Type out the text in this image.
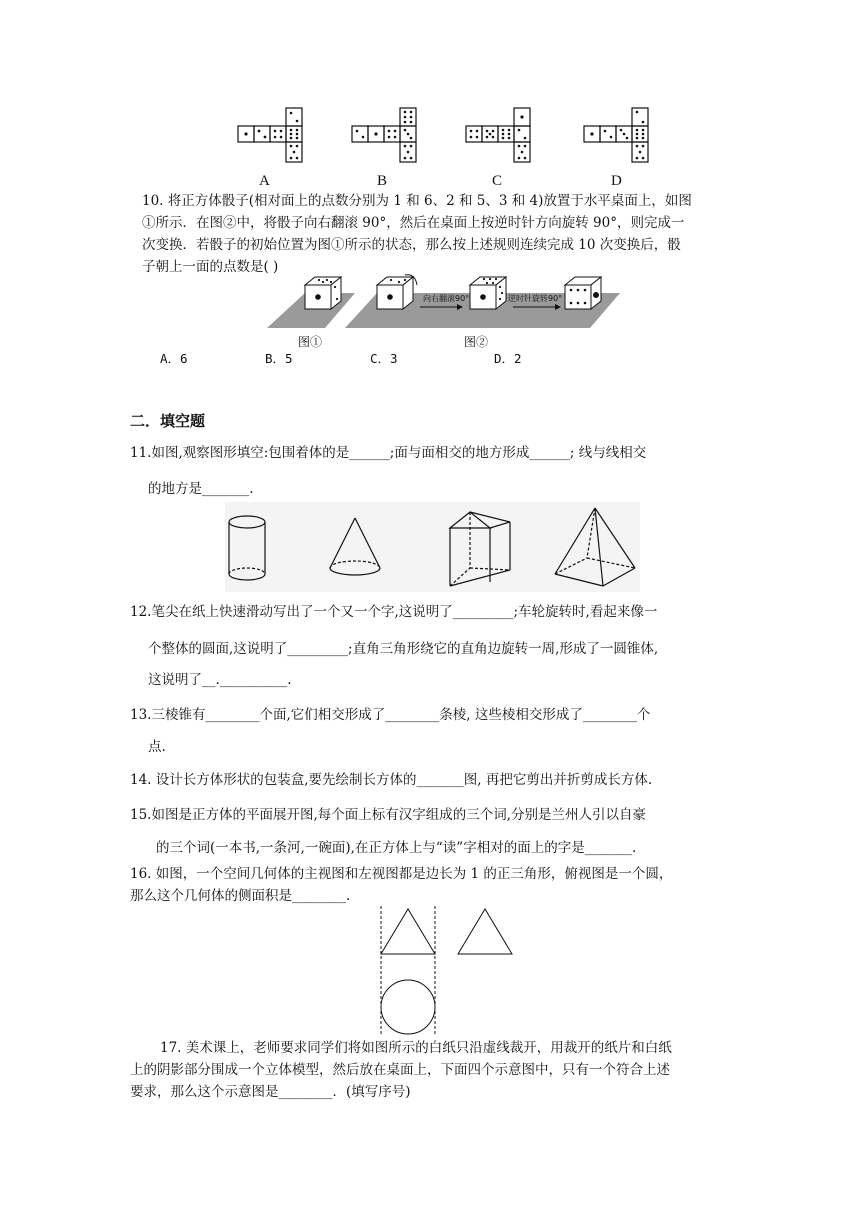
A	B	C	D
10. 将正方体骰子(相对面上的点数分别为 1 和 6、2 和 5、3 和 4)放置于水平桌面上，如图
①所示．在图②中，将骰子向右翻滚 90°，然后在桌面上按逆时针方向旋转 90°，则完成一
次变换．若骰子的初始位置为图①所示的状态，那么按上述规则连续完成 10 次变换后，骰
子朝上一面的点数是( )
向右翻滚90°	逆时针旋转90°
图①	图②
A．6	B．5	C．3	D．2
二．填空题
11.如图,观察图形填空:包围着体的是______;面与面相交的地方形成______; 线与线相交
的地方是_______.
12.笔尖在纸上快速滑动写出了一个又一个字,这说明了_________;车轮旋转时,看起来像一
个整体的圆面,这说明了_________;直角三角形绕它的直角边旋转一周,形成了一圆锥体,
这说明了__.__________.
13.三棱锥有________个面,它们相交形成了________条棱, 这些棱相交形成了________个
点.
14. 设计长方体形状的包装盒,要先绘制长方体的_______图, 再把它剪出并折剪成长方体.
15.如图是正方体的平面展开图,每个面上标有汉字组成的三个词,分别是兰州人引以自豪
的三个词(一本书,一条河,一碗面),在正方体上与“读”字相对的面上的字是_______.
16. 如图，一个空间几何体的主视图和左视图都是边长为 1 的正三角形，俯视图是一个圆，
那么这个几何体的侧面积是________.
17. 美术课上，老师要求同学们将如图所示的白纸只沿虚线裁开，用裁开的纸片和白纸
上的阴影部分围成一个立体模型，然后放在桌面上，下面四个示意图中，只有一个符合上述
要求，那么这个示意图是________．(填写序号)
